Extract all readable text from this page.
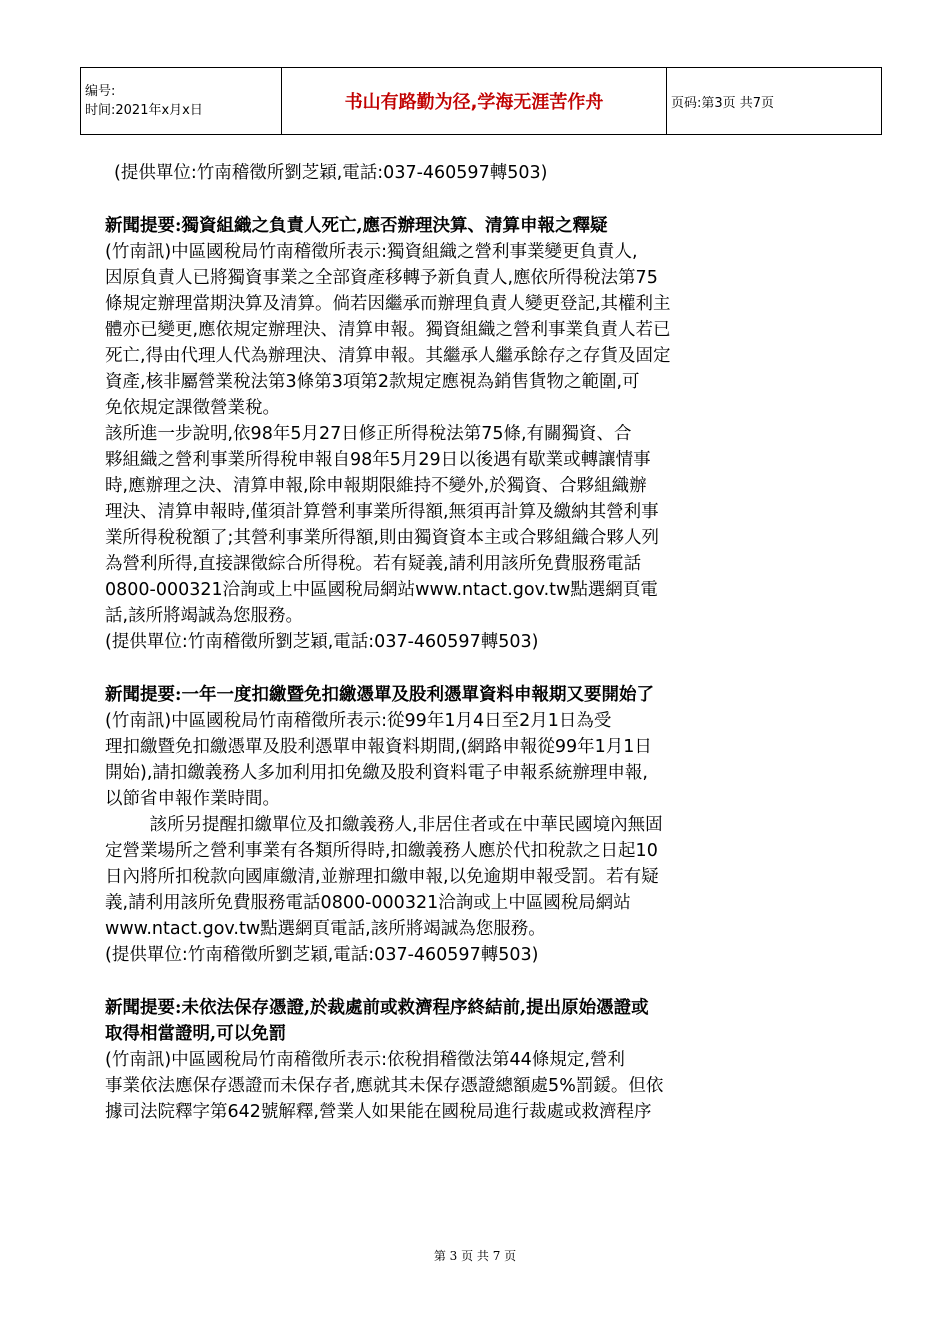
编号:
时间:2021年x月x日	书山有路勤为径,学海无涯苦作舟	页码:第3页 共7页
(提供單位:竹南稽徵所劉芝穎,電話:037-460597轉503)
新聞提要:獨資組織之負責人死亡,應否辦理決算、清算申報之釋疑
(竹南訊)中區國稅局竹南稽徵所表示:獨資組織之營利事業變更負責人,
因原負責人已將獨資事業之全部資產移轉予新負責人,應依所得稅法第75
條規定辦理當期決算及清算。倘若因繼承而辦理負責人變更登記,其權利主
體亦已變更,應依規定辦理決、清算申報。獨資組織之營利事業負責人若已
死亡,得由代理人代為辦理決、清算申報。其繼承人繼承餘存之存貨及固定
資產,核非屬營業稅法第3條第3項第2款規定應視為銷售貨物之範圍,可
免依規定課徵營業稅。
該所進一步說明,依98年5月27日修正所得稅法第75條,有關獨資、合
夥組織之營利事業所得稅申報自98年5月29日以後遇有歇業或轉讓情事
時,應辦理之決、清算申報,除申報期限維持不變外,於獨資、合夥組織辦
理決、清算申報時,僅須計算營利事業所得額,無須再計算及繳納其營利事
業所得稅稅額了;其營利事業所得額,則由獨資資本主或合夥組織合夥人列
為營利所得,直接課徵綜合所得稅。若有疑義,請利用該所免費服務電話
0800-000321洽詢或上中區國稅局網站www.ntact.gov.tw點選網頁電
話,該所將竭誠為您服務。
(提供單位:竹南稽徵所劉芝穎,電話:037-460597轉503)
新聞提要:一年一度扣繳暨免扣繳憑單及股利憑單資料申報期又要開始了
(竹南訊)中區國稅局竹南稽徵所表示:從99年1月4日至2月1日為受
理扣繳暨免扣繳憑單及股利憑單申報資料期間,(網路申報從99年1月1日
開始),請扣繳義務人多加利用扣免繳及股利資料電子申報系統辦理申報,
以節省申報作業時間。
該所另提醒扣繳單位及扣繳義務人,非居住者或在中華民國境內無固
定營業場所之營利事業有各類所得時,扣繳義務人應於代扣稅款之日起10
日內將所扣稅款向國庫繳清,並辦理扣繳申報,以免逾期申報受罰。若有疑
義,請利用該所免費服務電話0800-000321洽詢或上中區國稅局網站
www.ntact.gov.tw點選網頁電話,該所將竭誠為您服務。
(提供單位:竹南稽徵所劉芝穎,電話:037-460597轉503)
新聞提要:未依法保存憑證,於裁處前或救濟程序終結前,提出原始憑證或
取得相當證明,可以免罰
(竹南訊)中區國稅局竹南稽徵所表示:依稅捐稽徵法第44條規定,營利
事業依法應保存憑證而未保存者,應就其未保存憑證總額處5%罰鍰。但依
據司法院釋字第642號解釋,營業人如果能在國稅局進行裁處或救濟程序
第 3 页 共 7 页
